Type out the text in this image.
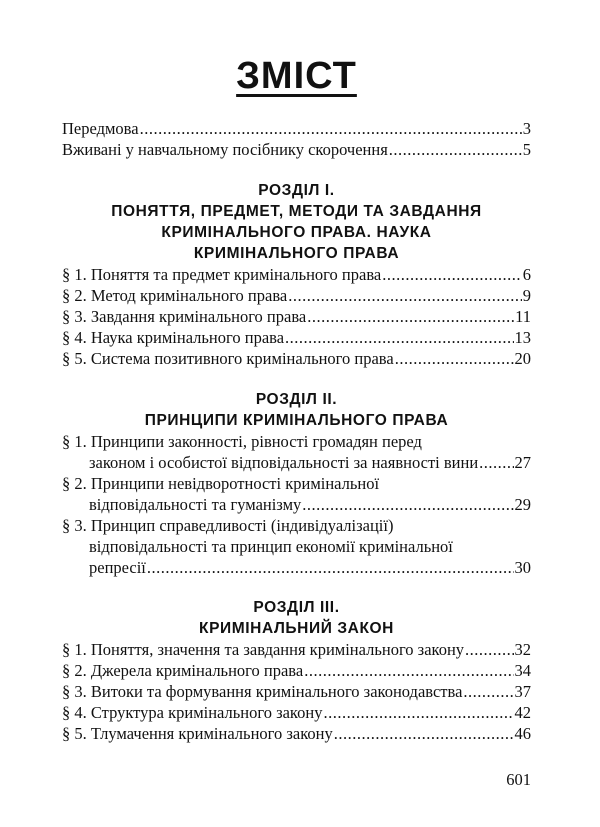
ЗМІСТ
Передмова .....	3
Вживані у навчальному посібнику скорочення .....	5
РОЗДІЛ І.
ПОНЯТТЯ, ПРЕДМЕТ, МЕТОДИ ТА ЗАВДАННЯ
КРИМІНАЛЬНОГО ПРАВА. НАУКА
КРИМІНАЛЬНОГО ПРАВА
§ 1. Поняття та предмет кримінального права .....	6
§ 2. Метод кримінального права .....	9
§ 3. Завдання кримінального права .....	11
§ 4. Наука кримінального права .....	13
§ 5. Система позитивного кримінального права .....	20
РОЗДІЛ ІІ.
ПРИНЦИПИ КРИМІНАЛЬНОГО ПРАВА
§ 1. Принципи законності, рівності громадян перед
законом і особистої відповідальності за наявності вини ..... 27
§ 2. Принципи невідворотності кримінальної
відповідальності та гуманізму .....	29
§ 3. Принцип справедливості (індивідуалізації)
відповідальності та принцип економії кримінальної
репресії .....	30
РОЗДІЛ ІІІ.
КРИМІНАЛЬНИЙ ЗАКОН
§ 1. Поняття, значення та завдання кримінального закону .....	32
§ 2. Джерела кримінального права .....	34
§ 3. Витоки та формування кримінального законодавства .....	37
§ 4. Структура кримінального закону .....	42
§ 5. Тлумачення кримінального закону .....	46
601
